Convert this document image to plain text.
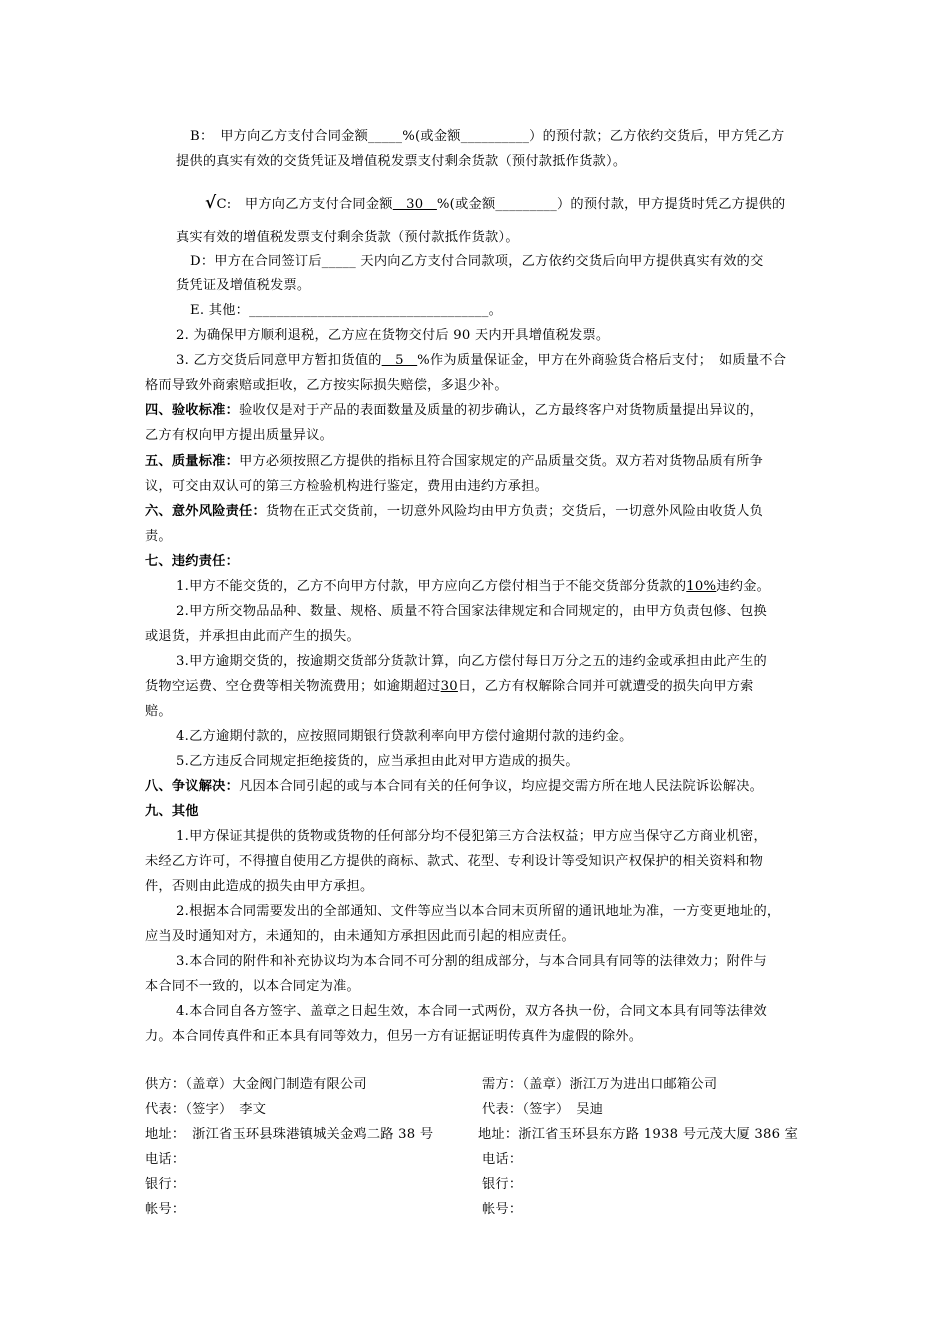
B：　甲方向乙方支付合同金额_____%(或金额__________）的预付款；乙方依约交货后，甲方凭乙方
提供的真实有效的交货凭证及增值税发票支付剩余货款（预付款抵作货款）。
√C:　甲方向乙方支付合同金额　30　%(或金额_________）的预付款，甲方提货时凭乙方提供的
真实有效的增值税发票支付剩余货款（预付款抵作货款）。
D：甲方在合同签订后_____ 天内向乙方支付合同款项，乙方依约交货后向甲方提供真实有效的交
货凭证及增值税发票。
E. 其他：___________________________________。
2. 为确保甲方顺利退税，乙方应在货物交付后 90 天内开具增值税发票。
3. 乙方交货后同意甲方暂扣货值的　5　%作为质量保证金，甲方在外商验货合格后支付；　如质量不合
格而导致外商索赔或拒收，乙方按实际损失赔偿，多退少补。
四、验收标准：验收仅是对于产品的表面数量及质量的初步确认，乙方最终客户对货物质量提出异议的，
乙方有权向甲方提出质量异议。
五、质量标准：甲方必须按照乙方提供的指标且符合国家规定的产品质量交货。双方若对货物品质有所争
议，可交由双认可的第三方检验机构进行鉴定，费用由违约方承担。
六、意外风险责任：货物在正式交货前，一切意外风险均由甲方负责；交货后，一切意外风险由收货人负
责。
七、违约责任：
1.甲方不能交货的，乙方不向甲方付款，甲方应向乙方偿付相当于不能交货部分货款的10%违约金。
2.甲方所交物品品种、数量、规格、质量不符合国家法律规定和合同规定的，由甲方负责包修、包换
或退货，并承担由此而产生的损失。
3.甲方逾期交货的，按逾期交货部分货款计算，向乙方偿付每日万分之五的违约金或承担由此产生的
货物空运费、空仓费等相关物流费用；如逾期超过30日，乙方有权解除合同并可就遭受的损失向甲方索
赔。
4.乙方逾期付款的，应按照同期银行贷款利率向甲方偿付逾期付款的违约金。
5.乙方违反合同规定拒绝接货的，应当承担由此对甲方造成的损失。
八、争议解决：凡因本合同引起的或与本合同有关的任何争议，均应提交需方所在地人民法院诉讼解决。
九、其他
1.甲方保证其提供的货物或货物的任何部分均不侵犯第三方合法权益；甲方应当保守乙方商业机密，
未经乙方许可，不得擅自使用乙方提供的商标、款式、花型、专利设计等受知识产权保护的相关资料和物
件，否则由此造成的损失由甲方承担。
2.根据本合同需要发出的全部通知、文件等应当以本合同末页所留的通讯地址为准，一方变更地址的，
应当及时通知对方，未通知的，由未通知方承担因此而引起的相应责任。
3.本合同的附件和补充协议均为本合同不可分割的组成部分，与本合同具有同等的法律效力；附件与
本合同不一致的，以本合同定为准。
4.本合同自各方签字、盖章之日起生效，本合同一式两份，双方各执一份，合同文本具有同等法律效
力。本合同传真件和正本具有同等效力，但另一方有证据证明传真件为虚假的除外。
供方：（盖章）大金阀门制造有限公司
代表：（签字）　李文
地址：　浙江省玉环县珠港镇城关金鸡二路 38 号
电话：
银行：
帐号：
需方：（盖章）浙江万为进出口邮箱公司
代表：（签字）　吴迪
地址：浙江省玉环县东方路 1938 号元茂大厦 386 室
电话：
银行：
帐号：
